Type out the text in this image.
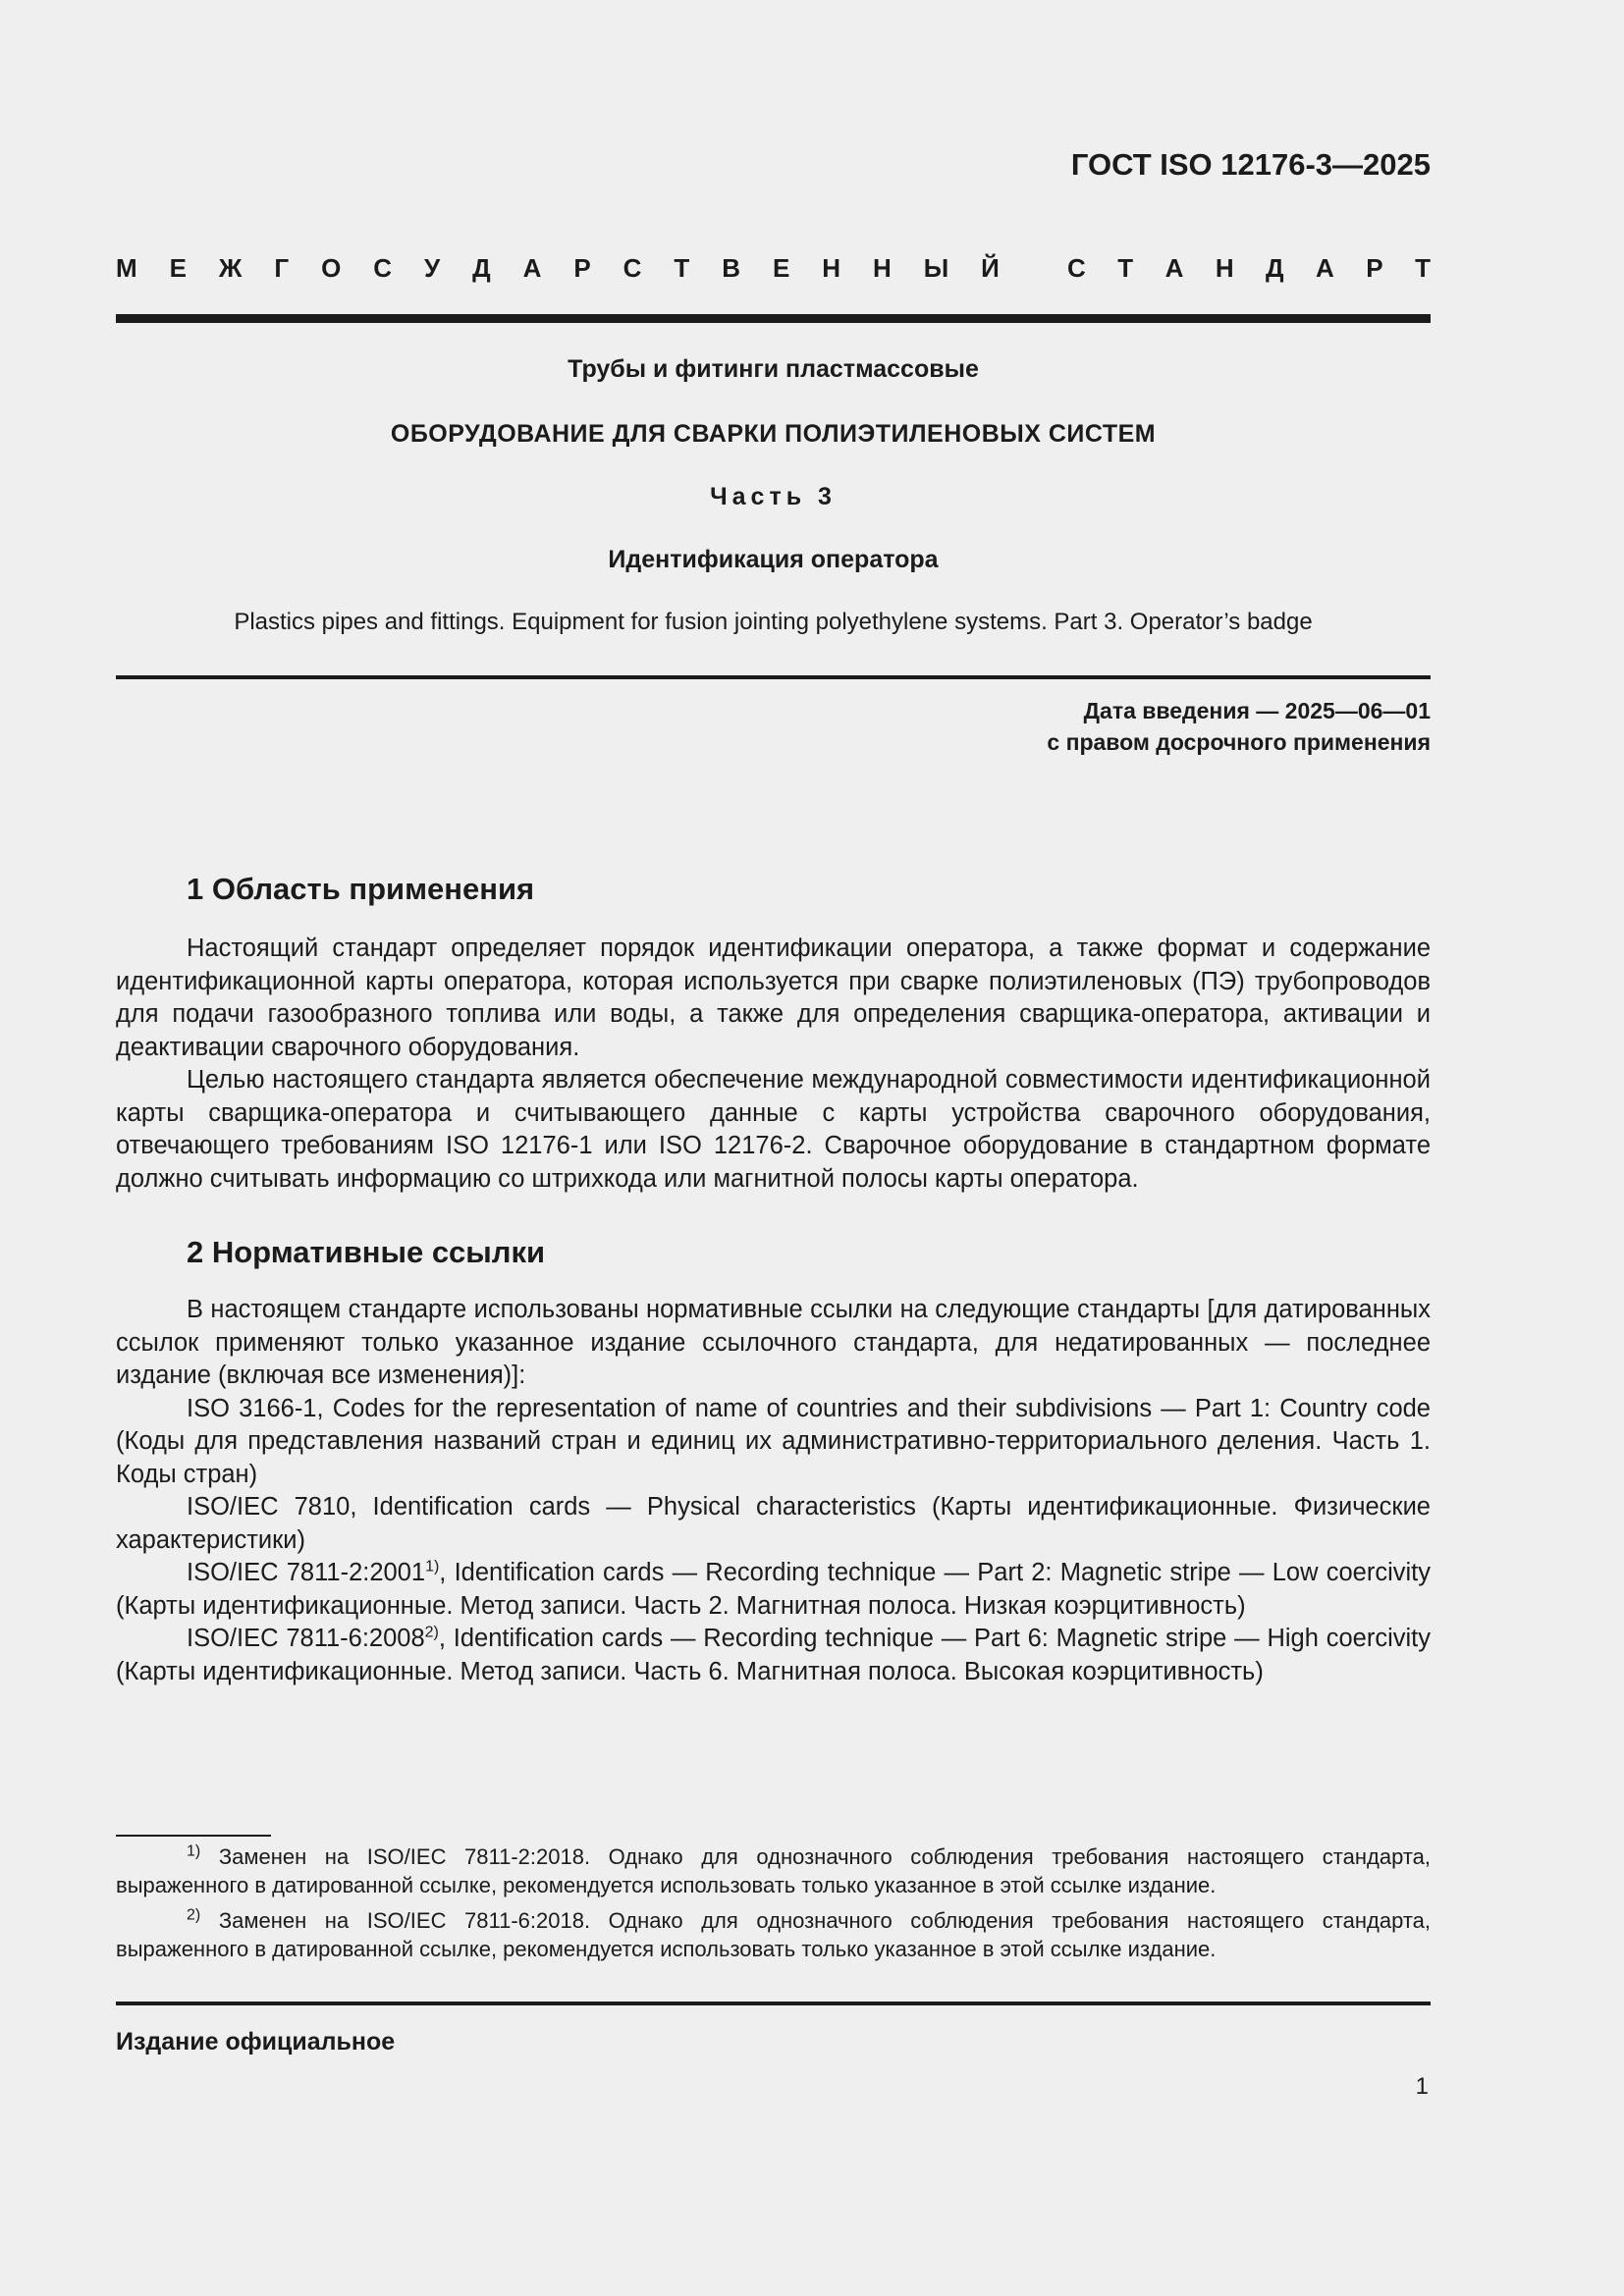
ГОСТ ISO 12176-3—2025
М Е Ж Г О С У Д А Р С Т В Е Н Н Ы Й	С Т А Н Д А Р Т
Трубы и фитинги пластмассовые
ОБОРУДОВАНИЕ ДЛЯ СВАРКИ ПОЛИЭТИЛЕНОВЫХ СИСТЕМ
Часть 3
Идентификация оператора
Plastics pipes and fittings. Equipment for fusion jointing polyethylene systems. Part 3. Operator’s badge
Дата введения — 2025—06—01
с правом досрочного применения
1 Область применения

Настоящий стандарт определяет порядок идентификации оператора, а также формат и содержание идентификационной карты оператора, которая используется при сварке полиэтиленовых (ПЭ) трубопроводов для подачи газообразного топлива или воды, а также для определения сварщика-оператора, активации и деактивации сварочного оборудования.

Целью настоящего стандарта является обеспечение международной совместимости идентификационной карты сварщика-оператора и считывающего данные с карты устройства сварочного оборудования, отвечающего требованиям ISO 12176-1 или ISO 12176-2. Сварочное оборудование в стандартном формате должно считывать информацию со штрихкода или магнитной полосы карты оператора.

2 Нормативные ссылки

В настоящем стандарте использованы нормативные ссылки на следующие стандарты [для датированных ссылок применяют только указанное издание ссылочного стандарта, для недатированных — последнее издание (включая все изменения)]:

ISO 3166-1, Codes for the representation of name of countries and their subdivisions — Part 1: Country code (Коды для представления названий стран и единиц их административно-территориального деления. Часть 1. Коды стран)

ISO/IEC 7810, Identification cards — Physical characteristics (Карты идентификационные. Физические характеристики)

ISO/IEC 7811-2:2001$^{1)}$, Identification cards — Recording technique — Part 2: Magnetic stripe — Low coercivity (Карты идентификационные. Метод записи. Часть 2. Магнитная полоса. Низкая коэрцитивность)

ISO/IEC 7811-6:2008$^{2)}$, Identification cards — Recording technique — Part 6: Magnetic stripe — High coercivity (Карты идентификационные. Метод записи. Часть 6. Магнитная полоса. Высокая коэрцитивность)

$^{1)}$ Заменен на ISO/IEC 7811-2:2018. Однако для однозначного соблюдения требования настоящего стандарта, выраженного в датированной ссылке, рекомендуется использовать только указанное в этой ссылке издание.

$^{2)}$ Заменен на ISO/IEC 7811-6:2018. Однако для однозначного соблюдения требования настоящего стандарта, выраженного в датированной ссылке, рекомендуется использовать только указанное в этой ссылке издание.

Издание официальное
1
